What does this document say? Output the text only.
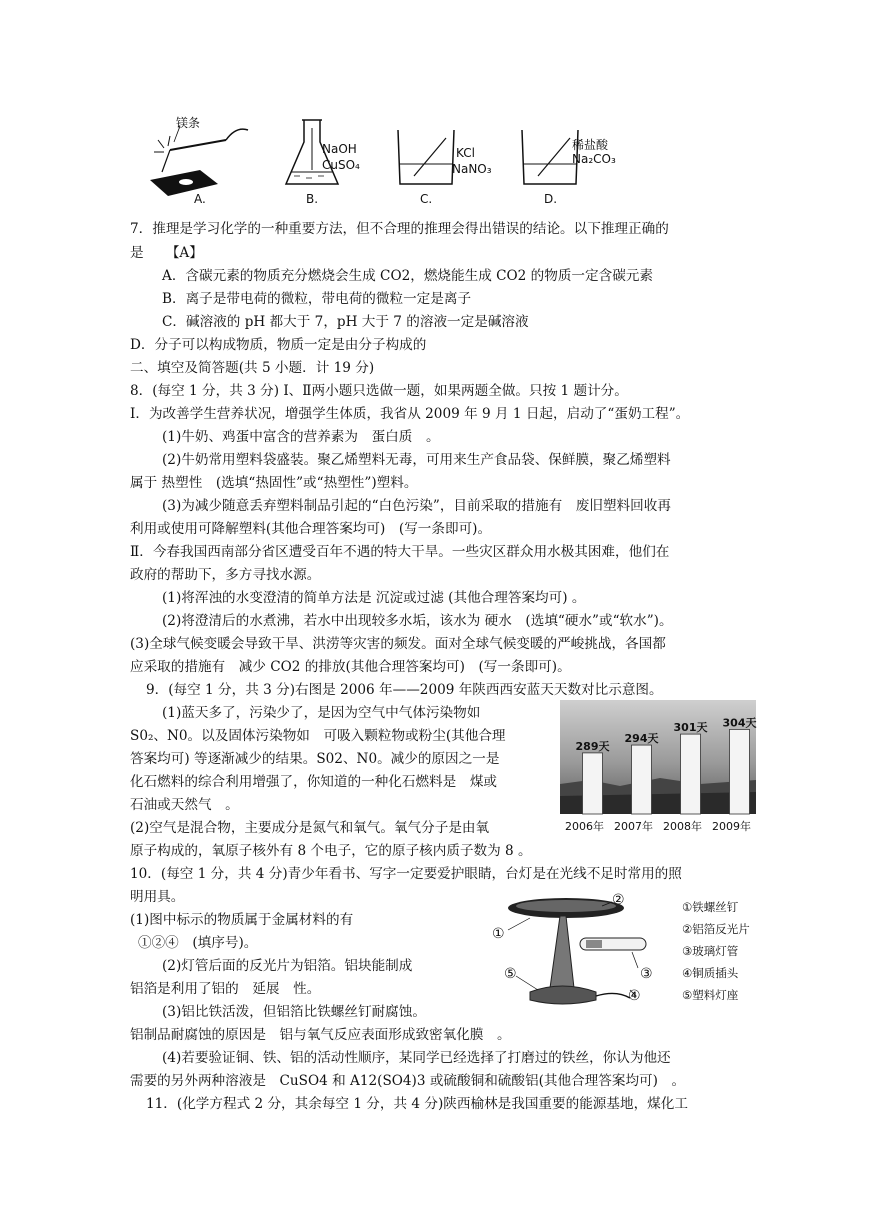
镁条
A.
NaOH
CuSO₄
B.
KCl
NaNO₃
C.
稀盐酸
Na₂CO₃
D.
7．推理是学习化学的一种重要方法，但不合理的推理会得出错误的结论。以下推理正确的
是 　 【A】
A．含碳元素的物质充分燃烧会生成 CO2，燃烧能生成 CO2 的物质一定含碳元素
B．离子是带电荷的微粒，带电荷的微粒一定是离子
C．碱溶液的 pH 都大于 7，pH 大于 7 的溶液一定是碱溶液
D．分子可以构成物质，物质一定是由分子构成的
二、填空及简答题(共 5 小题．计 19 分)
8．(每空 1 分，共 3 分) Ⅰ、Ⅱ两小题只选做一题，如果两题全做。只按 1 题计分。
Ⅰ．为改善学生营养状况，增强学生体质，我省从 2009 年 9 月 1 日起，启动了“蛋奶工程”。
(1)牛奶、鸡蛋中富含的营养素为　蛋白质　。
(2)牛奶常用塑料袋盛装。聚乙烯塑料无毒，可用来生产食品袋、保鲜膜，聚乙烯塑料
属于 热塑性　(选填“热固性”或“热塑性”)塑料。
(3)为减少随意丢弃塑料制品引起的“白色污染”，目前采取的措施有　废旧塑料回收再
利用或使用可降解塑料(其他合理答案均可)　(写一条即可)。
Ⅱ．今春我国西南部分省区遭受百年不遇的特大干旱。一些灾区群众用水极其困难，他们在
政府的帮助下，多方寻找水源。
(1)将浑浊的水变澄清的简单方法是 沉淀或过滤 (其他合理答案均可) 。
(2)将澄清后的水煮沸，若水中出现较多水垢，该水为 硬水　(选填“硬水”或“软水”)。
(3)全球气候变暖会导致干旱、洪涝等灾害的频发。面对全球气候变暖的严峻挑战，各国都
应采取的措施有　减少 CO2 的排放(其他合理答案均可)　(写一条即可)。
9．(每空 1 分，共 3 分)右图是 2006 年——2009 年陕西西安蓝天天数对比示意图。
(1)蓝天多了，污染少了，是因为空气中气体污染物如
S0₂、N0。以及固体污染物如　可吸入颗粒物或粉尘(其他合理
答案均可) 等逐渐减少的结果。S02、N0。减少的原因之一是
化石燃料的综合利用增强了，你知道的一种化石燃料是　煤或
石油或天然气　。
(2)空气是混合物，主要成分是氮气和氧气。氧气分子是由氧
原子构成的，氧原子核外有 8 个电子，它的原子核内质子数为 8 。
10．(每空 1 分，共 4 分)青少年看书、写字一定要爱护眼睛，台灯是在光线不足时常用的照
明用具。
(1)图中标示的物质属于金属材料的有
①②④　(填序号)。
(2)灯管后面的反光片为铝箔。铝块能制成
铝箔是利用了铝的　延展　性。
(3)铝比铁活泼，但铝箔比铁螺丝钉耐腐蚀。
铝制品耐腐蚀的原因是　铝与氧气反应表面形成致密氧化膜　。
(4)若要验证铜、铁、铝的活动性顺序，某同学已经选择了打磨过的铁丝，你认为他还
需要的另外两种溶液是　CuSO4 和 A12(SO4)3 或硫酸铜和硫酸铝(其他合理答案均可)　。
11．(化学方程式 2 分，其余每空 1 分，共 4 分)陕西榆林是我国重要的能源基地，煤化工
289天
294天
301天 304天
2006年 2007年 2008年 2009年
①
②
③
④
⑤
①铁螺丝钉
②铝箔反光片
③玻璃灯管
④铜质插头
⑤塑料灯座
